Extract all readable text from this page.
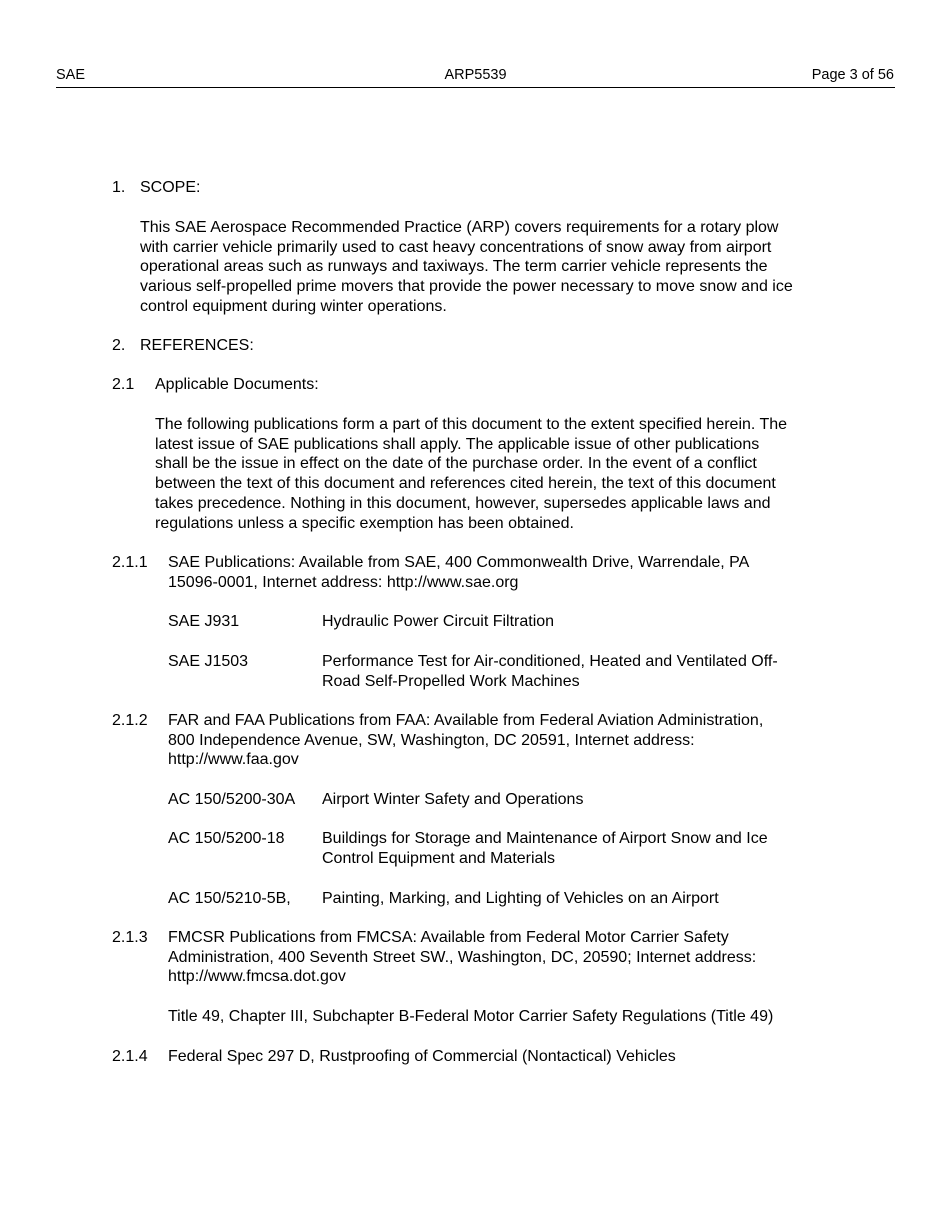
SAE	ARP5539	Page 3 of 56
1. SCOPE:
This SAE Aerospace Recommended Practice (ARP) covers requirements for a rotary plow
with carrier vehicle primarily used to cast heavy concentrations of snow away from airport
operational areas such as runways and taxiways. The term carrier vehicle represents the
various self-propelled prime movers that provide the power necessary to move snow and ice
control equipment during winter operations.
2. REFERENCES:
2.1 Applicable Documents:
The following publications form a part of this document to the extent specified herein. The
latest issue of SAE publications shall apply. The applicable issue of other publications
shall be the issue in effect on the date of the purchase order. In the event of a conflict
between the text of this document and references cited herein, the text of this document
takes precedence. Nothing in this document, however, supersedes applicable laws and
regulations unless a specific exemption has been obtained.
2.1.1 SAE Publications: Available from SAE, 400 Commonwealth Drive, Warrendale, PA
15096-0001, Internet address: http://www.sae.org
SAE J931	Hydraulic Power Circuit Filtration
SAE J1503	Performance Test for Air-conditioned, Heated and Ventilated Off-
Road Self-Propelled Work Machines
2.1.2 FAR and FAA Publications from FAA: Available from Federal Aviation Administration,
800 Independence Avenue, SW, Washington, DC 20591, Internet address:
http://www.faa.gov
AC 150/5200-30A Airport Winter Safety and Operations
AC 150/5200-18 Buildings for Storage and Maintenance of Airport Snow and Ice
Control Equipment and Materials
AC 150/5210-5B, Painting, Marking, and Lighting of Vehicles on an Airport
2.1.3 FMCSR Publications from FMCSA: Available from Federal Motor Carrier Safety
Administration, 400 Seventh Street SW., Washington, DC, 20590; Internet address:
http://www.fmcsa.dot.gov
Title 49, Chapter III, Subchapter B-Federal Motor Carrier Safety Regulations (Title 49)
2.1.4 Federal Spec 297 D, Rustproofing of Commercial (Nontactical) Vehicles
